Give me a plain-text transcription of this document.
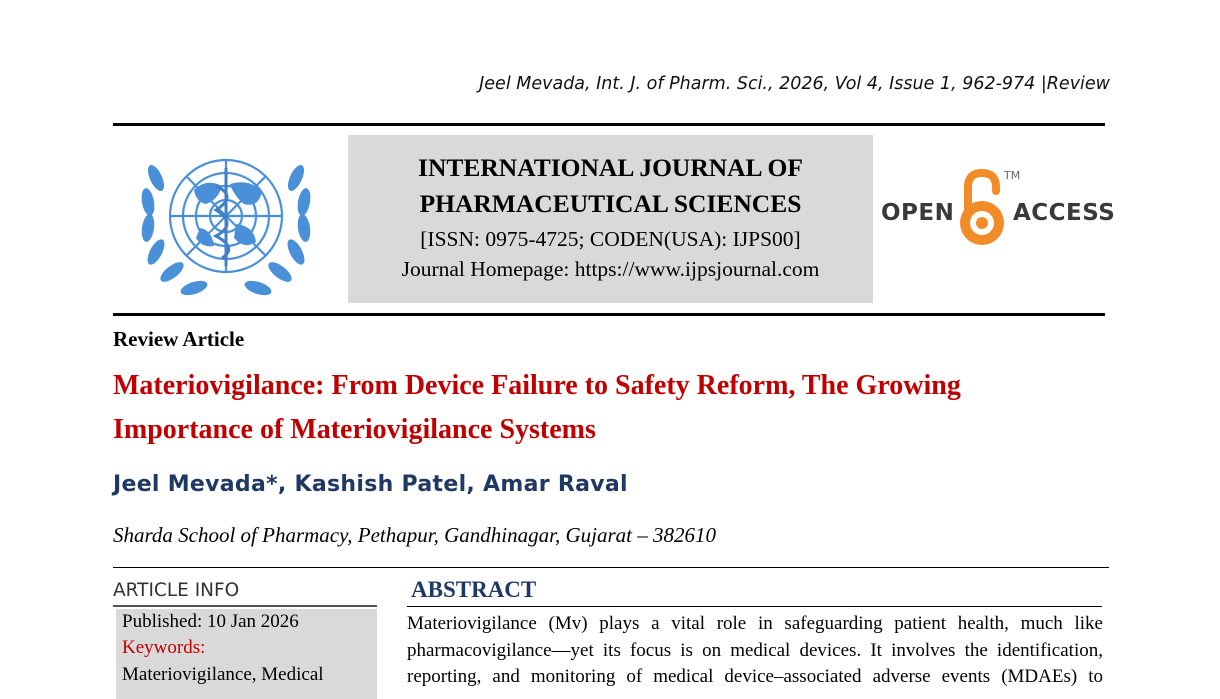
Jeel Mevada, Int. J. of Pharm. Sci., 2026, Vol 4, Issue 1, 962-974 |Review
INTERNATIONAL JOURNAL OF
PHARMACEUTICAL SCIENCES
[ISSN: 0975-4725; CODEN(USA): IJPS00]
Journal Homepage: https://www.ijpsjournal.com
OPEN
TM
ACCESS
Review Article
Materiovigilance: From Device Failure to Safety Reform, The Growing
Importance of Materiovigilance Systems
Jeel Mevada*, Kashish Patel, Amar Raval
Sharda School of Pharmacy, Pethapur, Gandhinagar, Gujarat – 382610
ARTICLE INFO
Published: 10 Jan 2026
Keywords:
Materiovigilance, Medical
ABSTRACT
Materiovigilance (Mv) plays a vital role in safeguarding patient health, much like
pharmacovigilance—yet its focus is on medical devices. It involves the identification,
reporting, and monitoring of medical device–associated adverse events (MDAEs) to
